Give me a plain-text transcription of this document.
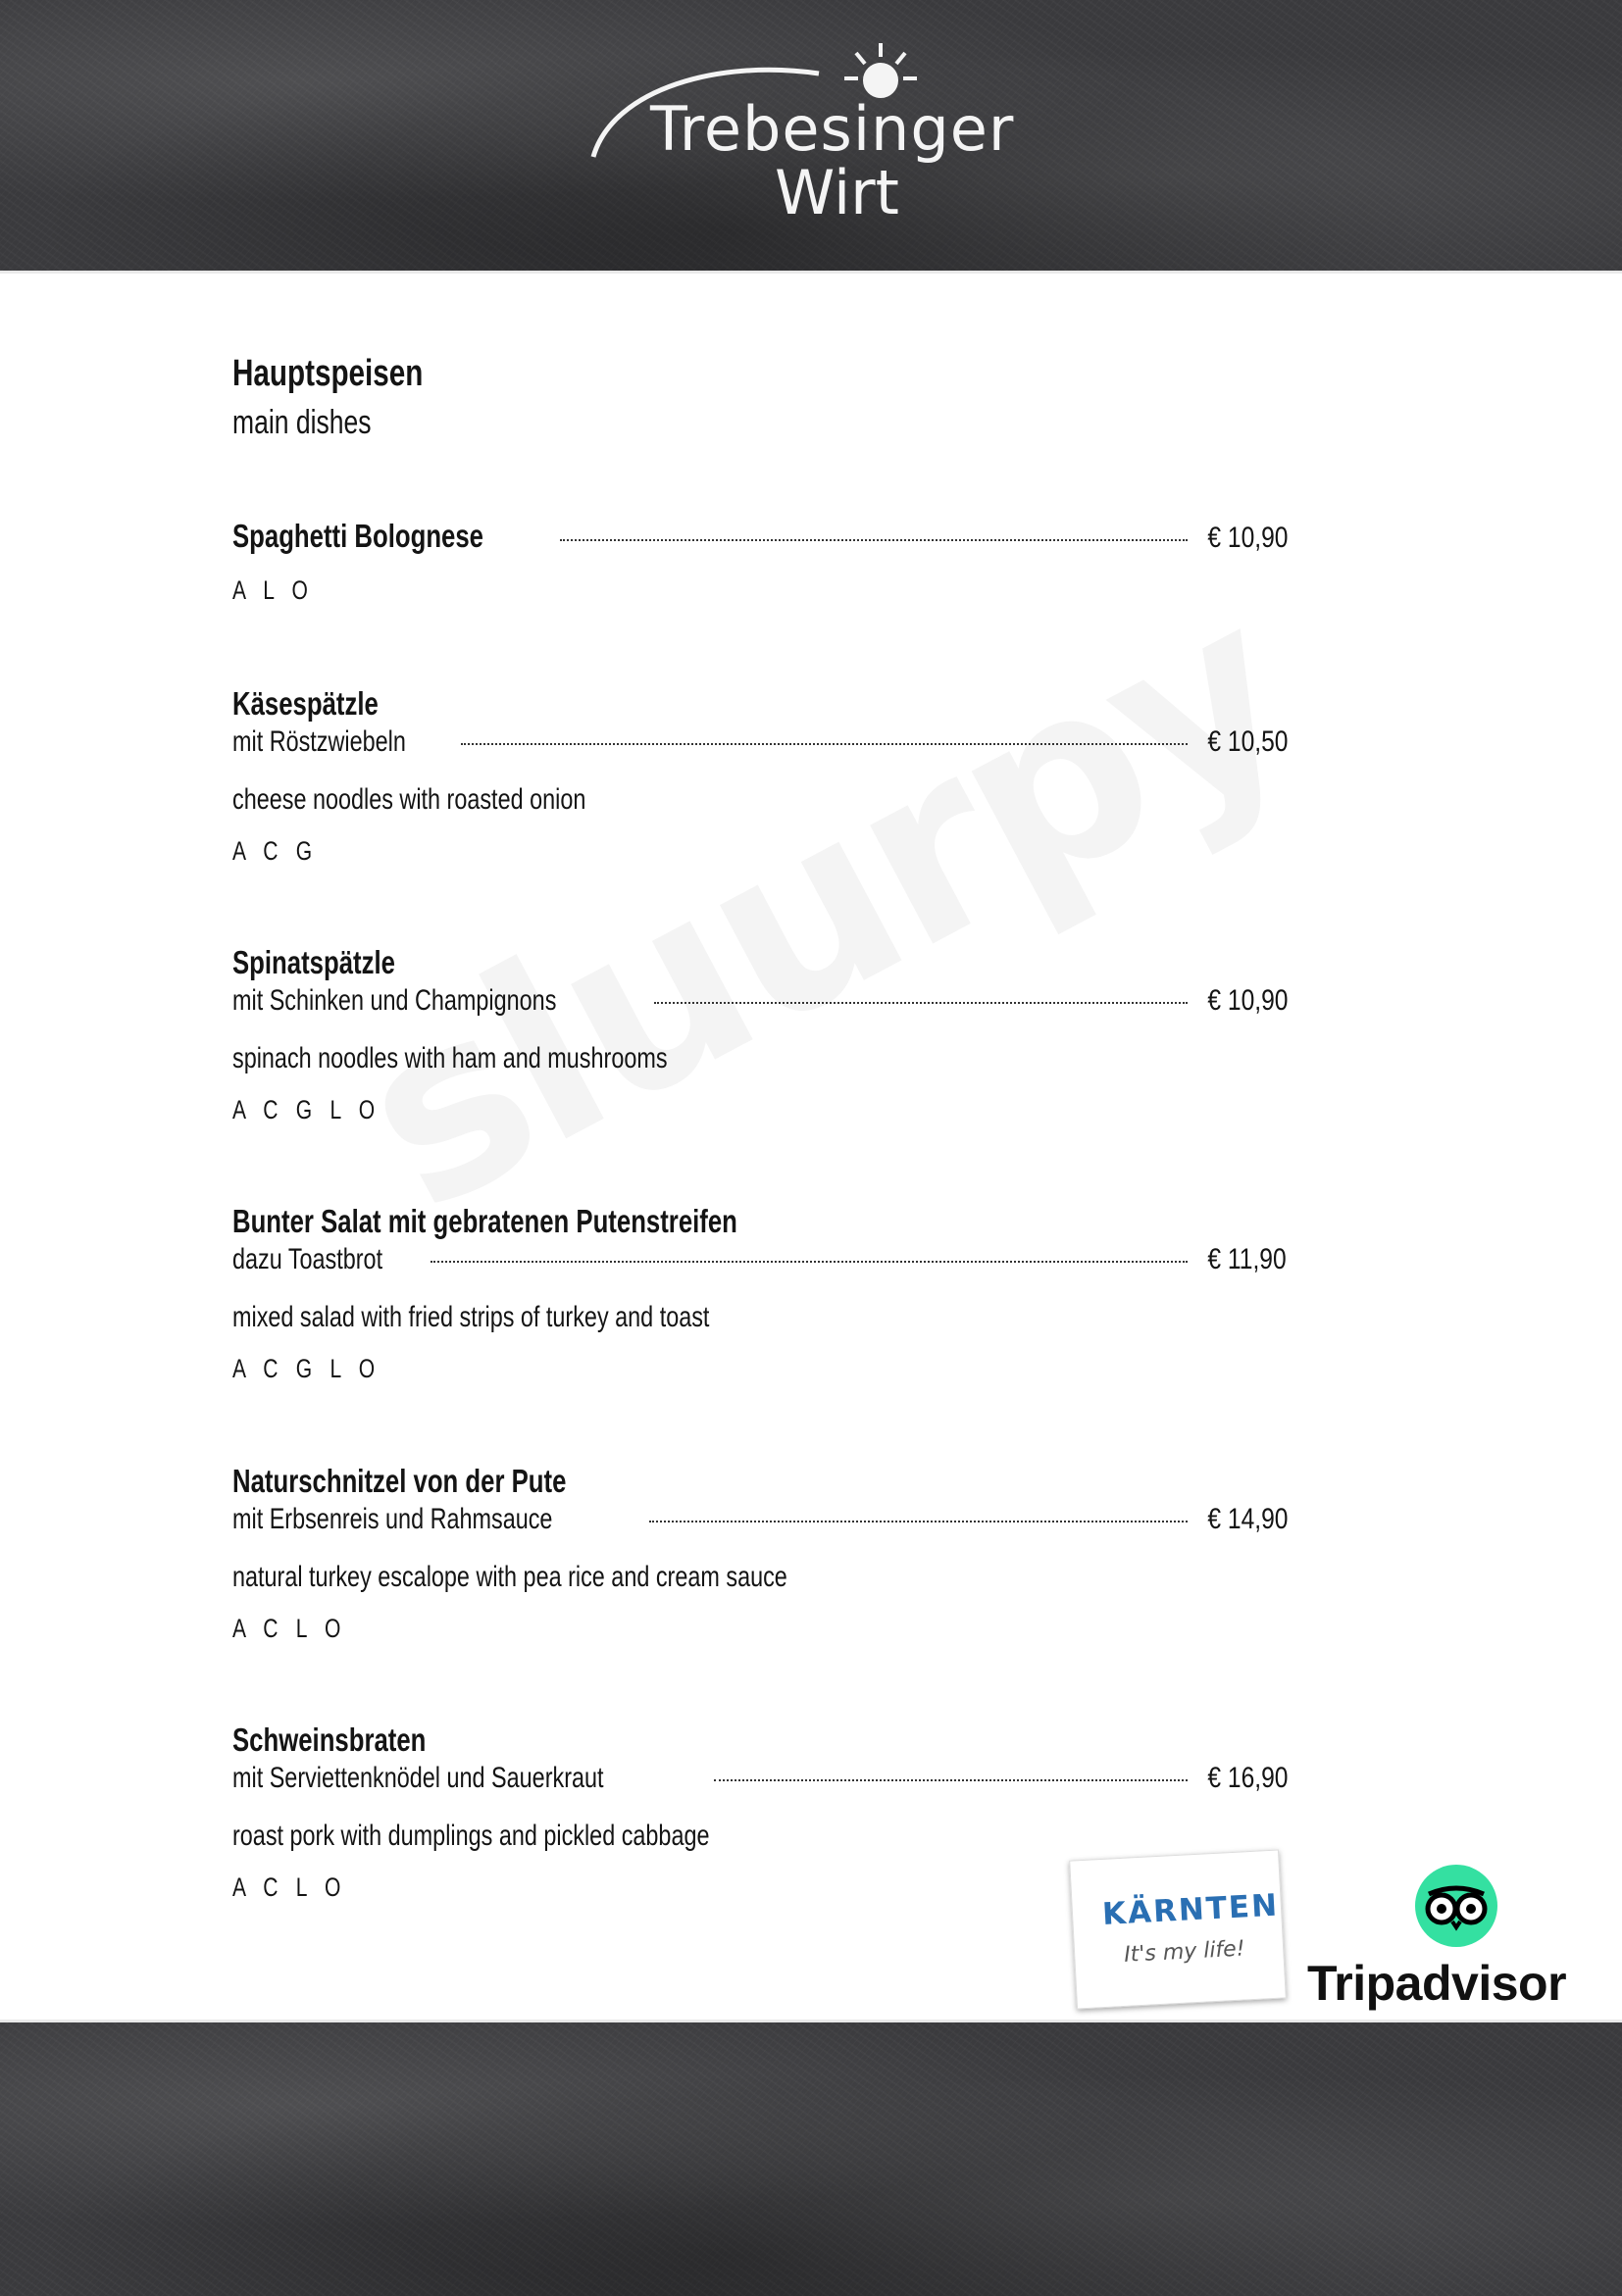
Trebesinger
Wirt
Hauptspeisen
main dishes
Spaghetti Bolognese	€ 10,90
A L O
Käsespätzle
mit Röstzwiebeln	€ 10,50
cheese noodles with roasted onion
A C G
Spinatspätzle
mit Schinken und Champignons	€ 10,90
spinach noodles with ham and mushrooms
A C G L O
Bunter Salat mit gebratenen Putenstreifen
dazu Toastbrot	€ 11,90
mixed salad with fried strips of turkey and toast
A C G L O
Naturschnitzel von der Pute
mit Erbsenreis und Rahmsauce	€ 14,90
natural turkey escalope with pea rice and cream sauce
A C L O
Schweinsbraten
mit Serviettenknödel und Sauerkraut	€ 16,90
roast pork with dumplings and pickled cabbage
A C L O
KÄRNTEN
It's my life!
Tripadvisor
